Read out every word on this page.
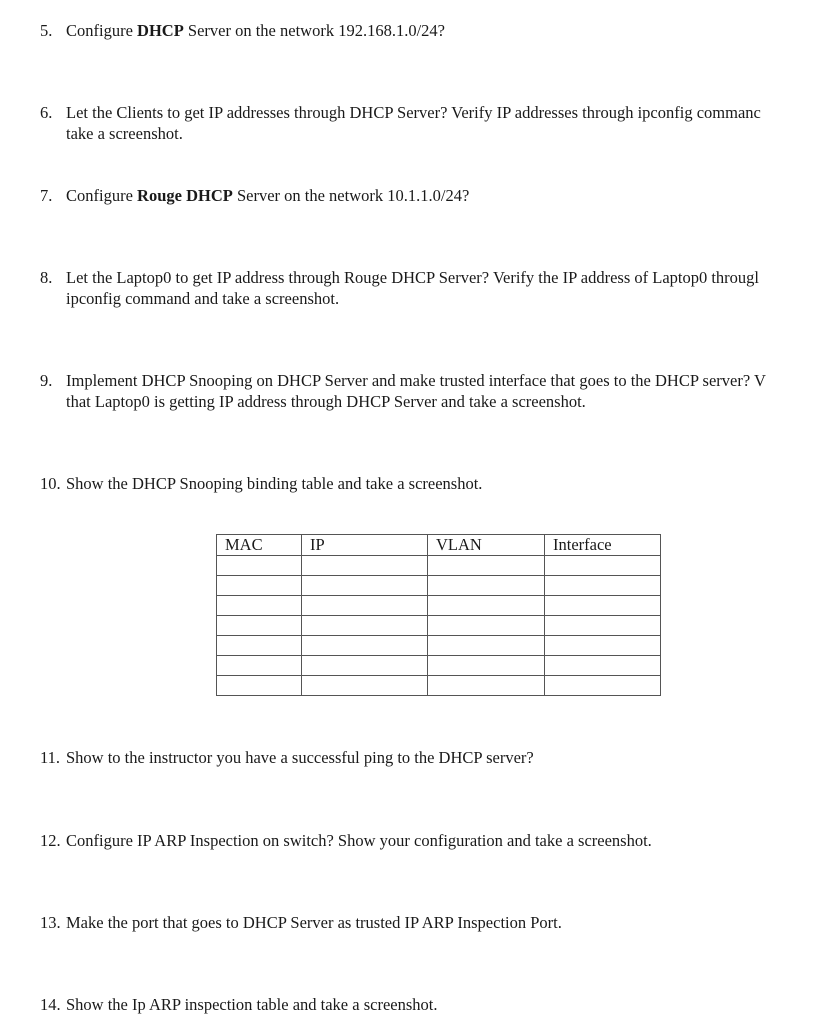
5. Configure DHCP Server on the network 192.168.1.0/24?
6. Let the Clients to get IP addresses through DHCP Server? Verify IP addresses through ipconfig commanc
take a screenshot.
7. Configure Rouge DHCP Server on the network 10.1.1.0/24?
8. Let the Laptop0 to get IP address through Rouge DHCP Server? Verify the IP address of Laptop0 througl
ipconfig command and take a screenshot.
9. Implement DHCP Snooping on DHCP Server and make trusted interface that goes to the DHCP server? V
that Laptop0 is getting IP address through DHCP Server and take a screenshot.
10. Show the DHCP Snooping binding table and take a screenshot.
MAC	IP	VLAN	Interface

11. Show to the instructor you have a successful ping to the DHCP server?
12. Configure IP ARP Inspection on switch? Show your configuration and take a screenshot.
13. Make the port that goes to DHCP Server as trusted IP ARP Inspection Port.
14. Show the Ip ARP inspection table and take a screenshot.
